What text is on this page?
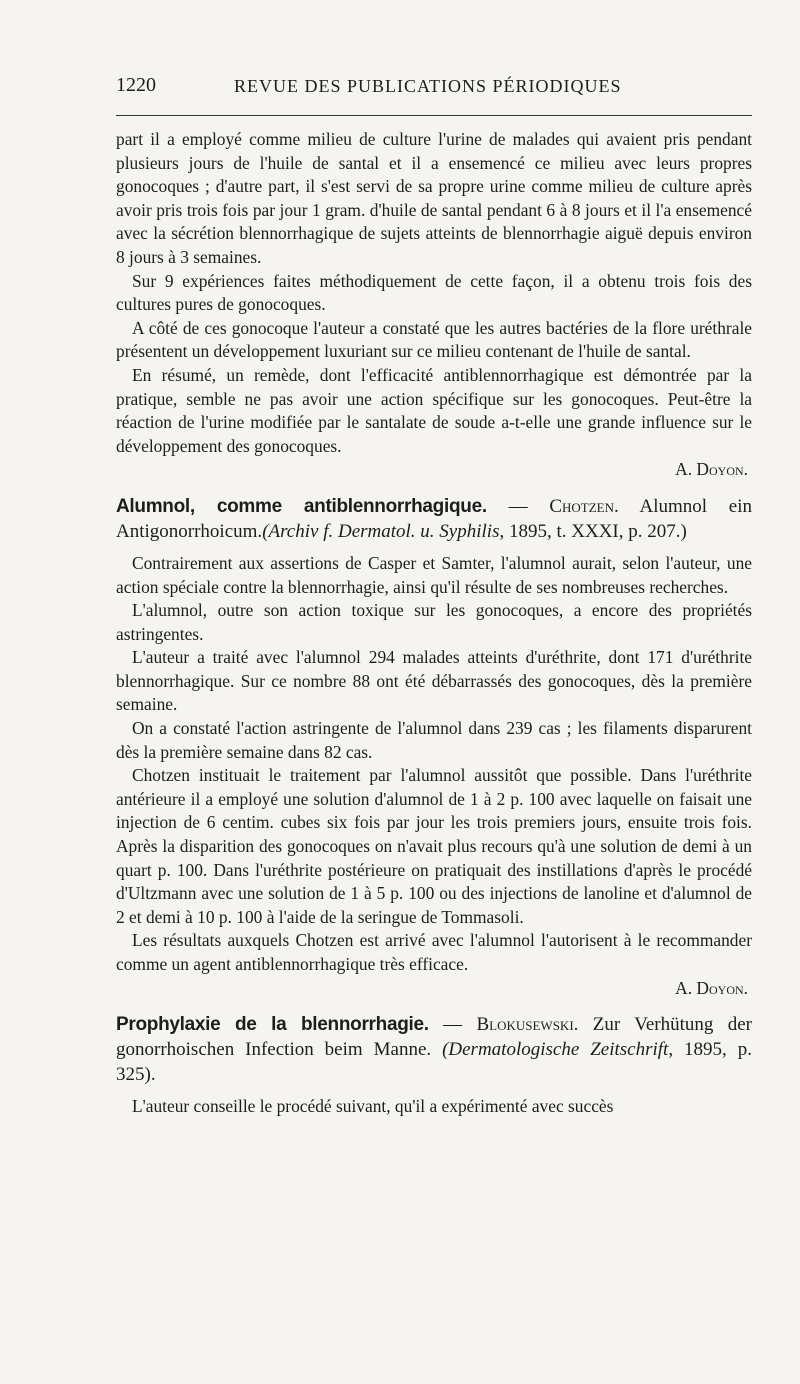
1220	REVUE DES PUBLICATIONS PÉRIODIQUES

part il a employé comme milieu de culture l'urine de malades qui avaient pris pendant plusieurs jours de l'huile de santal et il a ensemencé ce milieu avec leurs propres gonocoques ; d'autre part, il s'est servi de sa propre urine comme milieu de culture après avoir pris trois fois par jour 1 gram. d'huile de santal pendant 6 à 8 jours et il l'a ensemencé avec la sécrétion blennorrhagique de sujets atteints de blennorrhagie aiguë depuis environ 8 jours à 3 semaines.

Sur 9 expériences faites méthodiquement de cette façon, il a obtenu trois fois des cultures pures de gonocoques.

A côté de ces gonocoque l'auteur a constaté que les autres bactéries de la flore uréthrale présentent un développement luxuriant sur ce milieu contenant de l'huile de santal.

En résumé, un remède, dont l'efficacité antiblennorrhagique est démontrée par la pratique, semble ne pas avoir une action spécifique sur les gonocoques. Peut-être la réaction de l'urine modifiée par le santalate de soude a-t-elle une grande influence sur le développement des gonocoques.

A. Doyon.

Alumnol, comme antiblennorrhagique. — Chotzen. Alumnol ein Antigonorrhoicum.(Archiv f. Dermatol. u. Syphilis, 1895, t. XXXI, p. 207.)

Contrairement aux assertions de Casper et Samter, l'alumnol aurait, selon l'auteur, une action spéciale contre la blennorrhagie, ainsi qu'il résulte de ses nombreuses recherches.

L'alumnol, outre son action toxique sur les gonocoques, a encore des propriétés astringentes.

L'auteur a traité avec l'alumnol 294 malades atteints d'uréthrite, dont 171 d'uréthrite blennorrhagique. Sur ce nombre 88 ont été débarrassés des gonocoques, dès la première semaine.

On a constaté l'action astringente de l'alumnol dans 239 cas ; les filaments disparurent dès la première semaine dans 82 cas.

Chotzen instituait le traitement par l'alumnol aussitôt que possible. Dans l'uréthrite antérieure il a employé une solution d'alumnol de 1 à 2 p. 100 avec laquelle on faisait une injection de 6 centim. cubes six fois par jour les trois premiers jours, ensuite trois fois. Après la disparition des gonocoques on n'avait plus recours qu'à une solution de demi à un quart p. 100. Dans l'uréthrite postérieure on pratiquait des instillations d'après le procédé d'Ultzmann avec une solution de 1 à 5 p. 100 ou des injections de lanoline et d'alumnol de 2 et demi à 10 p. 100 à l'aide de la seringue de Tommasoli.

Les résultats auxquels Chotzen est arrivé avec l'alumnol l'autorisent à le recommander comme un agent antiblennorrhagique très efficace.

A. Doyon.

Prophylaxie de la blennorrhagie. — Blokusewski. Zur Verhütung der gonorrhoischen Infection beim Manne. (Dermatologische Zeitschrift, 1895, p. 325).

L'auteur conseille le procédé suivant, qu'il a expérimenté avec succès
